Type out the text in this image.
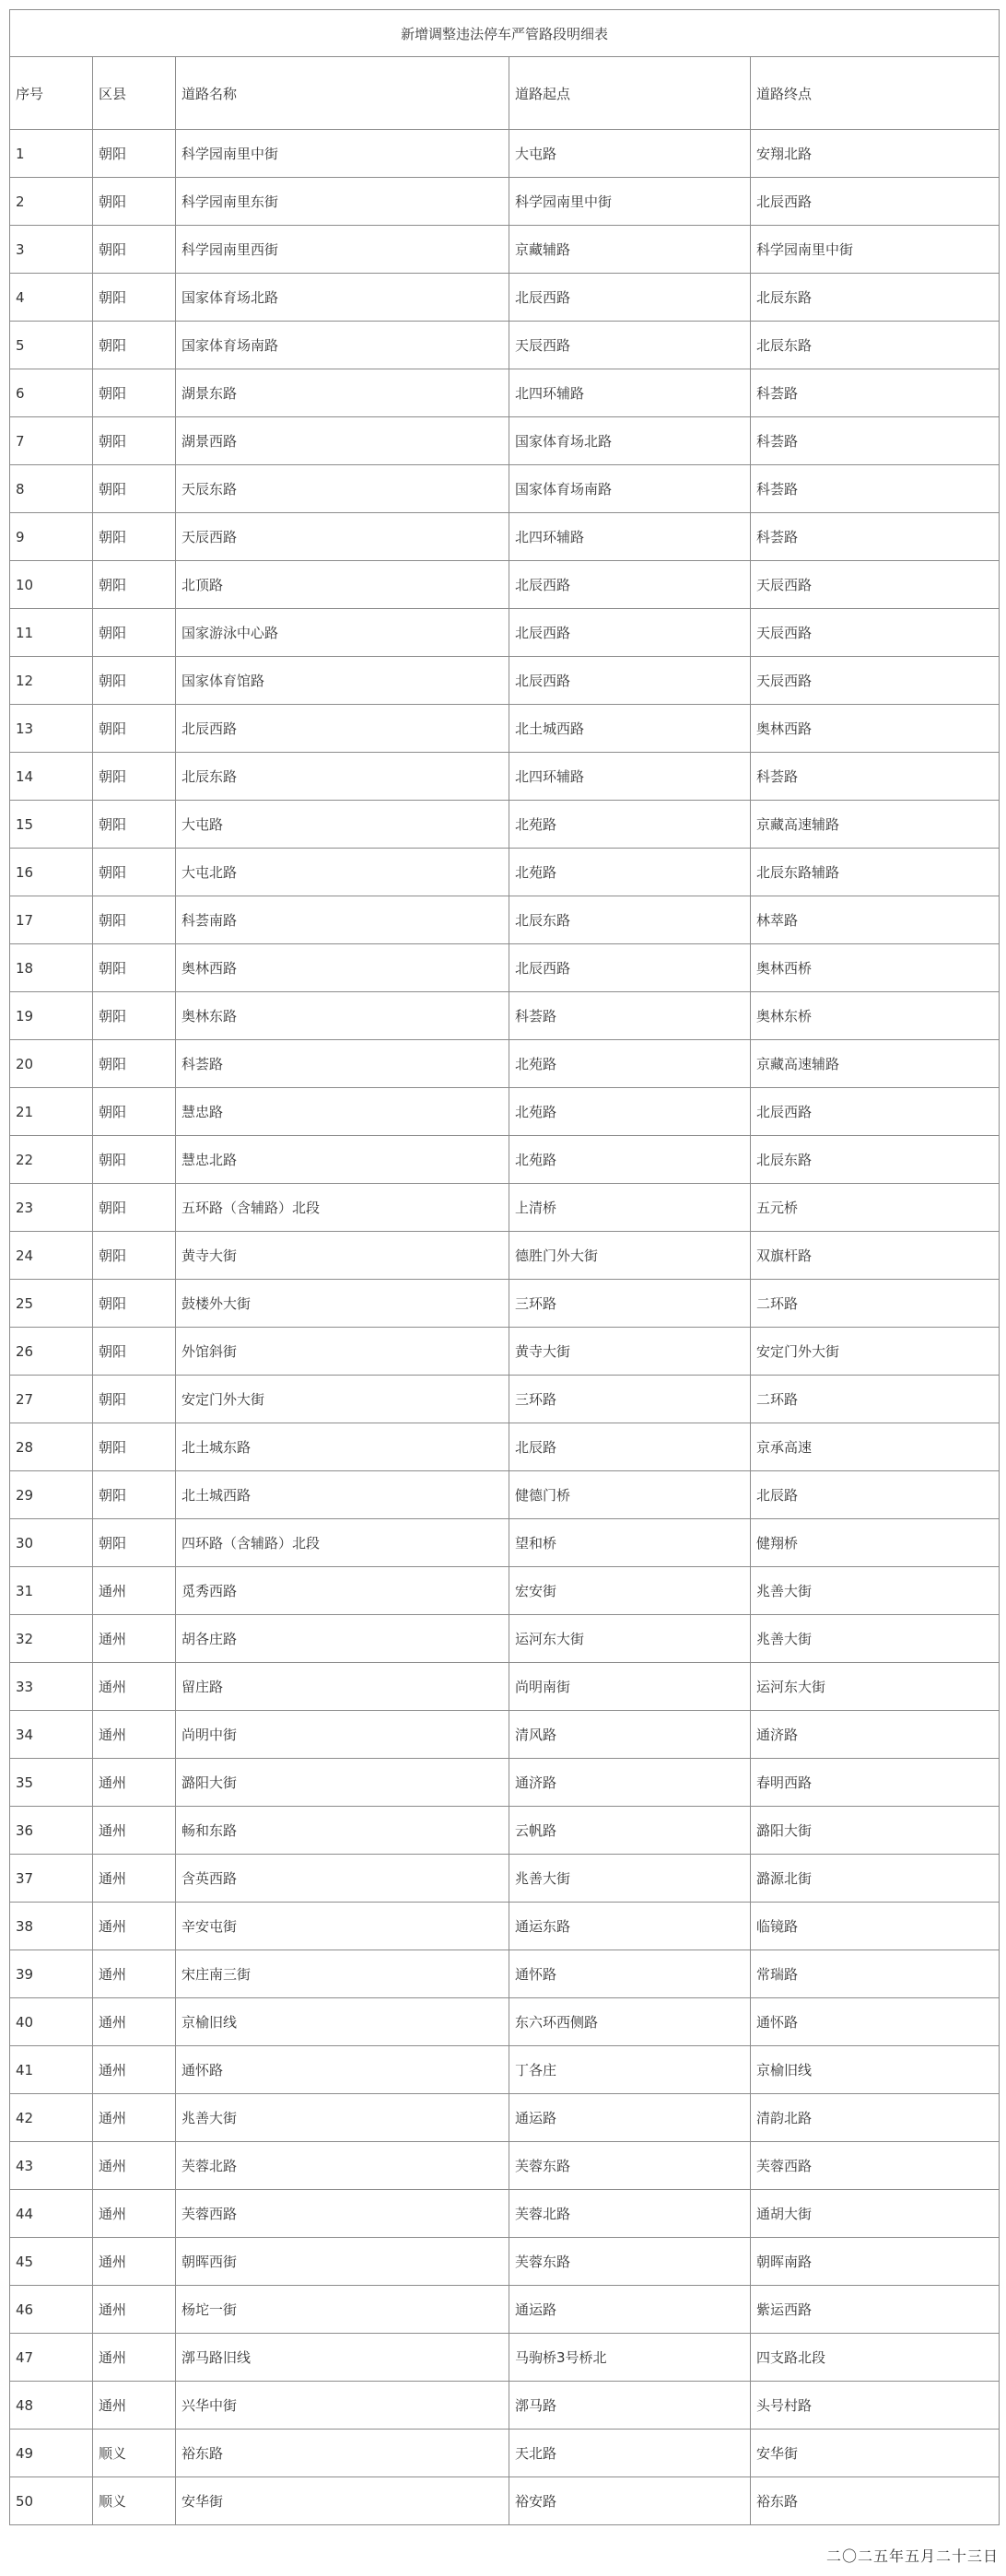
新增调整违法停车严管路段明细表				
序号	区县	道路名称	道路起点	道路终点
1	朝阳	科学园南里中街	大屯路	安翔北路
2	朝阳	科学园南里东街	科学园南里中街	北辰西路
3	朝阳	科学园南里西街	京藏辅路	科学园南里中街
4	朝阳	国家体育场北路	北辰西路	北辰东路
5	朝阳	国家体育场南路	天辰西路	北辰东路
6	朝阳	湖景东路	北四环辅路	科荟路
7	朝阳	湖景西路	国家体育场北路	科荟路
8	朝阳	天辰东路	国家体育场南路	科荟路
9	朝阳	天辰西路	北四环辅路	科荟路
10	朝阳	北顶路	北辰西路	天辰西路
11	朝阳	国家游泳中心路	北辰西路	天辰西路
12	朝阳	国家体育馆路	北辰西路	天辰西路
13	朝阳	北辰西路	北土城西路	奥林西路
14	朝阳	北辰东路	北四环辅路	科荟路
15	朝阳	大屯路	北苑路	京藏高速辅路
16	朝阳	大屯北路	北苑路	北辰东路辅路
17	朝阳	科荟南路	北辰东路	林萃路
18	朝阳	奥林西路	北辰西路	奥林西桥
19	朝阳	奥林东路	科荟路	奥林东桥
20	朝阳	科荟路	北苑路	京藏高速辅路
21	朝阳	慧忠路	北苑路	北辰西路
22	朝阳	慧忠北路	北苑路	北辰东路
23	朝阳	五环路（含辅路）北段	上清桥	五元桥
24	朝阳	黄寺大街	德胜门外大街	双旗杆路
25	朝阳	鼓楼外大街	三环路	二环路
26	朝阳	外馆斜街	黄寺大街	安定门外大街
27	朝阳	安定门外大街	三环路	二环路
28	朝阳	北土城东路	北辰路	京承高速
29	朝阳	北土城西路	健德门桥	北辰路
30	朝阳	四环路（含辅路）北段	望和桥	健翔桥
31	通州	觅秀西路	宏安街	兆善大街
32	通州	胡各庄路	运河东大街	兆善大街
33	通州	留庄路	尚明南街	运河东大街
34	通州	尚明中街	清风路	通济路
35	通州	潞阳大街	通济路	春明西路
36	通州	畅和东路	云帆路	潞阳大街
37	通州	含英西路	兆善大街	潞源北街
38	通州	辛安屯街	通运东路	临镜路
39	通州	宋庄南三街	通怀路	常瑞路
40	通州	京榆旧线	东六环西侧路	通怀路
41	通州	通怀路	丁各庄	京榆旧线
42	通州	兆善大街	通运路	清韵北路
43	通州	芙蓉北路	芙蓉东路	芙蓉西路
44	通州	芙蓉西路	芙蓉北路	通胡大街
45	通州	朝晖西街	芙蓉东路	朝晖南路
46	通州	杨坨一街	通运路	紫运西路
47	通州	漷马路旧线	马驹桥3号桥北	四支路北段
48	通州	兴华中街	漷马路	头号村路
49	顺义	裕东路	天北路	安华街
50	顺义	安华街	裕安路	裕东路
二〇二五年五月二十三日
